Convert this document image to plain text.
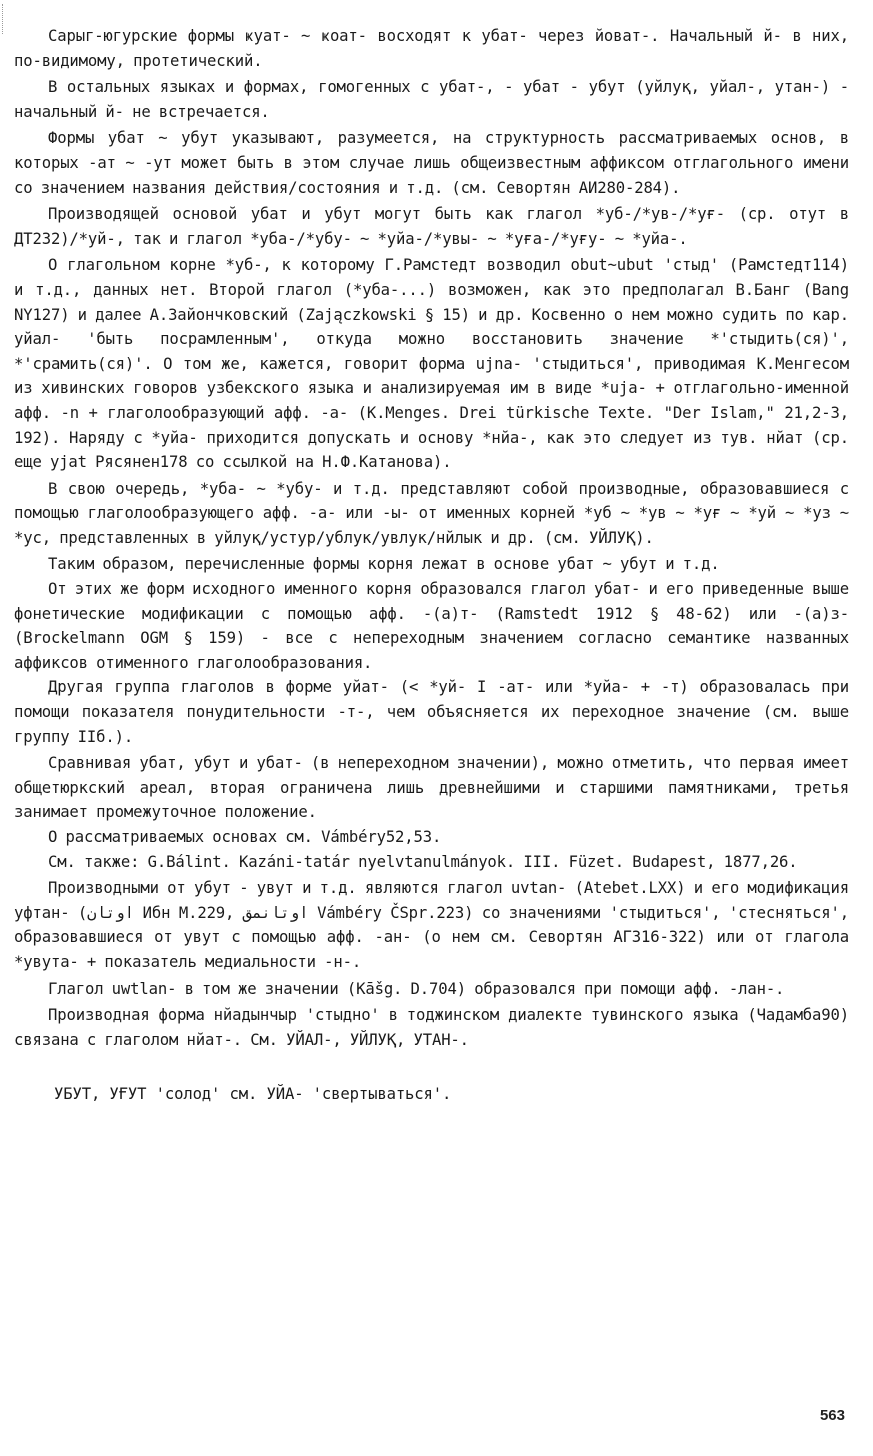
Сарыг-югурские формы ҝуат- ~ ҝоат- восходят к убат- через йоват-. Начальный й- в них, по-видимому, протетический.

В остальных языках и формах, гомогенных с убат-, - убат - убут (уйлуқ, уйал-, утан-) - начальный й- не встречается.

Формы убат ~ убут указывают, разумеется, на структурность рассматриваемых основ, в которых -ат ~ -ут может быть в этом случае лишь общеизвестным аффиксом отглагольного имени со значением названия действия/состояния и т.д. (см. Севортян АИ280-284).

Производящей основой убат и убут могут быть как глагол *уб-/*ув-/*уғ- (ср. отут в ДТ232)/*уй-, так и глагол *уба-/*убу- ~ *уйа-/*увы- ~ *уға-/*уғу- ~ *уйа-.

О глагольном корне *уб-, к которому Г.Рамстедт возводил obut~ubut 'стыд' (Рамстедт114) и т.д., данных нет. Второй глагол (*уба-...) возможен, как это предполагал В.Банг (Bang NY127) и далее А.Зайончковский (Zajączkowski § 15) и др. Косвенно о нем можно судить по кар. уйал- 'быть посрамленным', откуда можно восстановить значение *'стыдить(ся)', *'срамить(ся)'. О том же, кажется, говорит форма ujna- 'стыдиться', приводимая К.Менгесом из хивинских говоров узбекского языка и анализируемая им в виде *uja- + отглагольно-именной афф. -n + глаголообразующий афф. -a- (K.Menges. Drei türkische Texte. "Der Islam," 21,2-3, 192). Наряду с *уйа- приходится допускать и основу *нйа-, как это следует из тув. нйат (ср. еще yjat Рясянен178 со ссылкой на Н.Ф.Катанова).

В свою очередь, *уба- ~ *убу- и т.д. представляют собой производные, образовавшиеся с помощью глаголообразующего афф. -а- или -ы- от именных корней *уб ~ *ув ~ *уғ ~ *уй ~ *уз ~ *ус, представленных в уйлуқ/устур/ублук/увлук/нйлык и др. (см. УЙЛУҚ).

Таким образом, перечисленные формы корня лежат в основе убат ~ убут и т.д.

От этих же форм исходного именного корня образовался глагол убат- и его приведенные выше фонетические модификации с помощью афф. -(а)т- (Ramstedt 1912 § 48-62) или -(а)з- (Brockelmann OGM § 159) - все с непереходным значением согласно семантике названных аффиксов отименного глаголообразования.

Другая группа глаголов в форме уйат- (< *уй- I -ат- или *уйа- + -т) образовалась при помощи показателя понудительности -т-, чем объясняется их переходное значение (см. выше группу IIб.).

Сравнивая убат, убут и убат- (в непереходном значении), можно отметить, что первая имеет общетюркский ареал, вторая ограничена лишь древнейшими и старшими памятниками, третья занимает промежуточное положение.

О рассматриваемых основах см. Vámbéry52,53.

См. также: G.Bálint. Kazáni-tatár nyelvtanulmányok. III. Füzet. Budapest, 1877,26.

Производными от убут - увут и т.д. являются глагол uvtan- (Atebet.LXX) и его модификация уфтан- (اوتان Ибн М.229, اوتانمق Vámbéry ČSpr.223) со значениями 'стыдиться', 'стесняться', образовавшиеся от увут с помощью афф. -ан- (о нем см. Севортян АГ316-322) или от глагола *увута- + показатель медиальности -н-.

Глагол uwtlan- в том же значении (Kāšg. D.704) образовался при помощи афф. -лан-.

Производная форма нйадынчыр 'стыдно' в тоджинском диалекте тувинского языка (Чадамба90) связана с глаголом нйат-. См. УЙАЛ-, УЙЛУҚ, УТАН-.

УБУТ, УҒУТ 'солод' см. УЙА- 'свертываться'.
563
